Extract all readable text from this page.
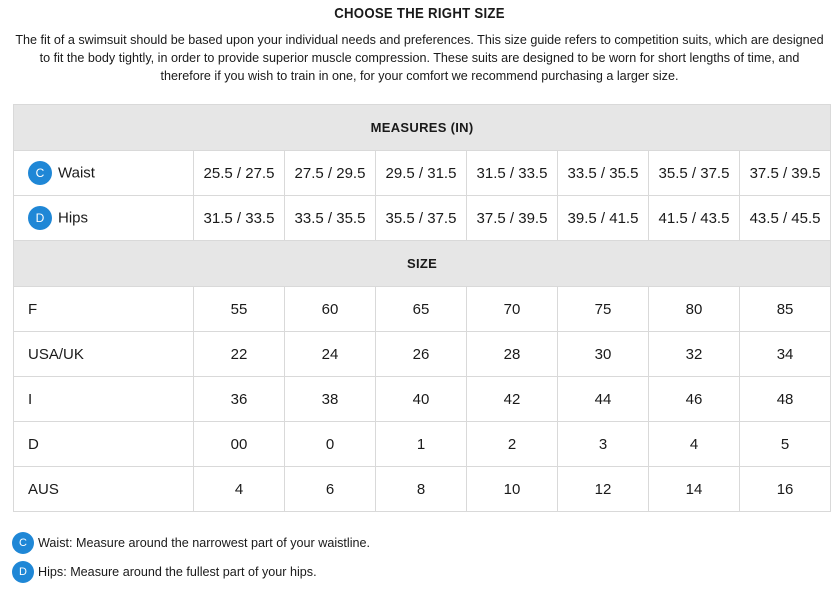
CHOOSE THE RIGHT SIZE

The fit of a swimsuit should be based upon your individual needs and preferences. This size guide refers to competition suits, which are designed to fit the body tightly, in order to provide superior muscle compression. These suits are designed to be worn for short lengths of time, and therefore if you wish to train in one, for your comfort we recommend purchasing a larger size.

MEASURES (IN)							
C Waist	25.5 / 27.5	27.5 / 29.5	29.5 / 31.5	31.5 / 33.5	33.5 / 35.5	35.5 / 37.5	37.5 / 39.5
D Hips	31.5 / 33.5	33.5 / 35.5	35.5 / 37.5	37.5 / 39.5	39.5 / 41.5	41.5 / 43.5	43.5 / 45.5
SIZE							
F	55	60	65	70	75	80	85
USA/UK	22	24	26	28	30	32	34
I	36	38	40	42	44	46	48
D	00	0	1	2	3	4	5
AUS	4	6	8	10	12	14	16
C Waist: Measure around the narrowest part of your waistline.
D Hips: Measure around the fullest part of your hips.
